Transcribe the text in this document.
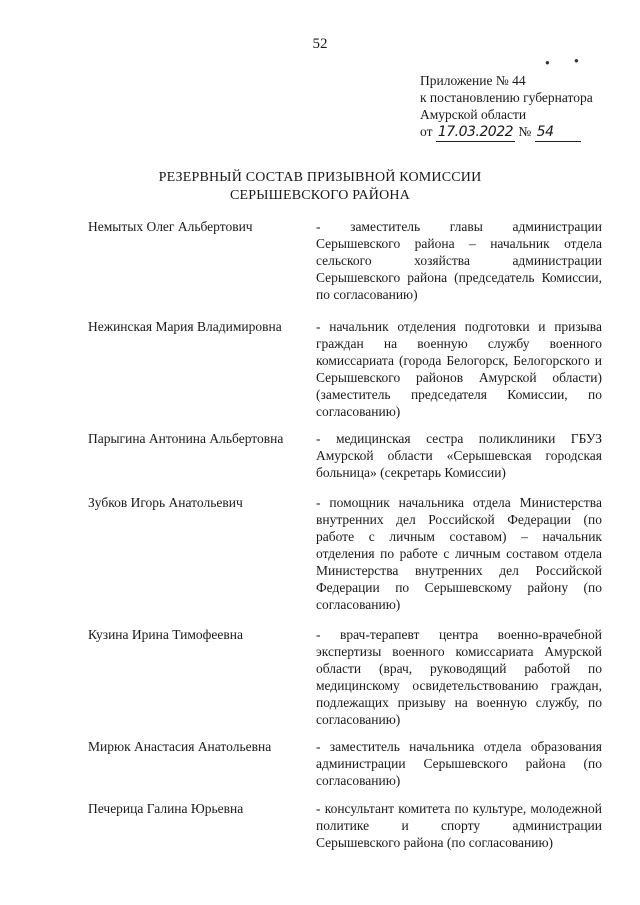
52
●	●
Приложение № 44
к постановлению губернатора
Амурской области
от 17.03.2022 № 54
РЕЗЕРВНЫЙ СОСТАВ ПРИЗЫВНОЙ КОМИССИИ
СЕРЫШЕВСКОГО РАЙОНА
Немытых Олег Альбертович	- заместитель главы администрации Серышевского района – начальник отдела сельского хозяйства администрации Серышевского района (председатель Комиссии, по согласованию)
Нежинская Мария Владимировна	- начальник отделения подготовки и призыва граждан на военную службу военного комиссариата (города Белогорск, Белогорского и Серышевского районов Амурской области) (заместитель председателя Комиссии, по согласованию)
Парыгина Антонина Альбертовна	- медицинская сестра поликлиники ГБУЗ Амурской области «Серышевская городская больница» (секретарь Комиссии)
Зубков Игорь Анатольевич	- помощник начальника отдела Министерства внутренних дел Российской Федерации (по работе с личным составом) – начальник отделения по работе с личным составом отдела Министерства внутренних дел Российской Федерации по Серышевскому району (по согласованию)
Кузина Ирина Тимофеевна	- врач-терапевт центра военно-врачебной экспертизы военного комиссариата Амурской области (врач, руководящий работой по медицинскому освидетельствованию граждан, подлежащих призыву на военную службу, по согласованию)
Мирюк Анастасия Анатольевна	- заместитель начальника отдела образования администрации Серышевского района (по согласованию)
Печерица Галина Юрьевна	- консультант комитета по культуре, молодежной политике и спорту администрации Серышевского района (по согласованию)
